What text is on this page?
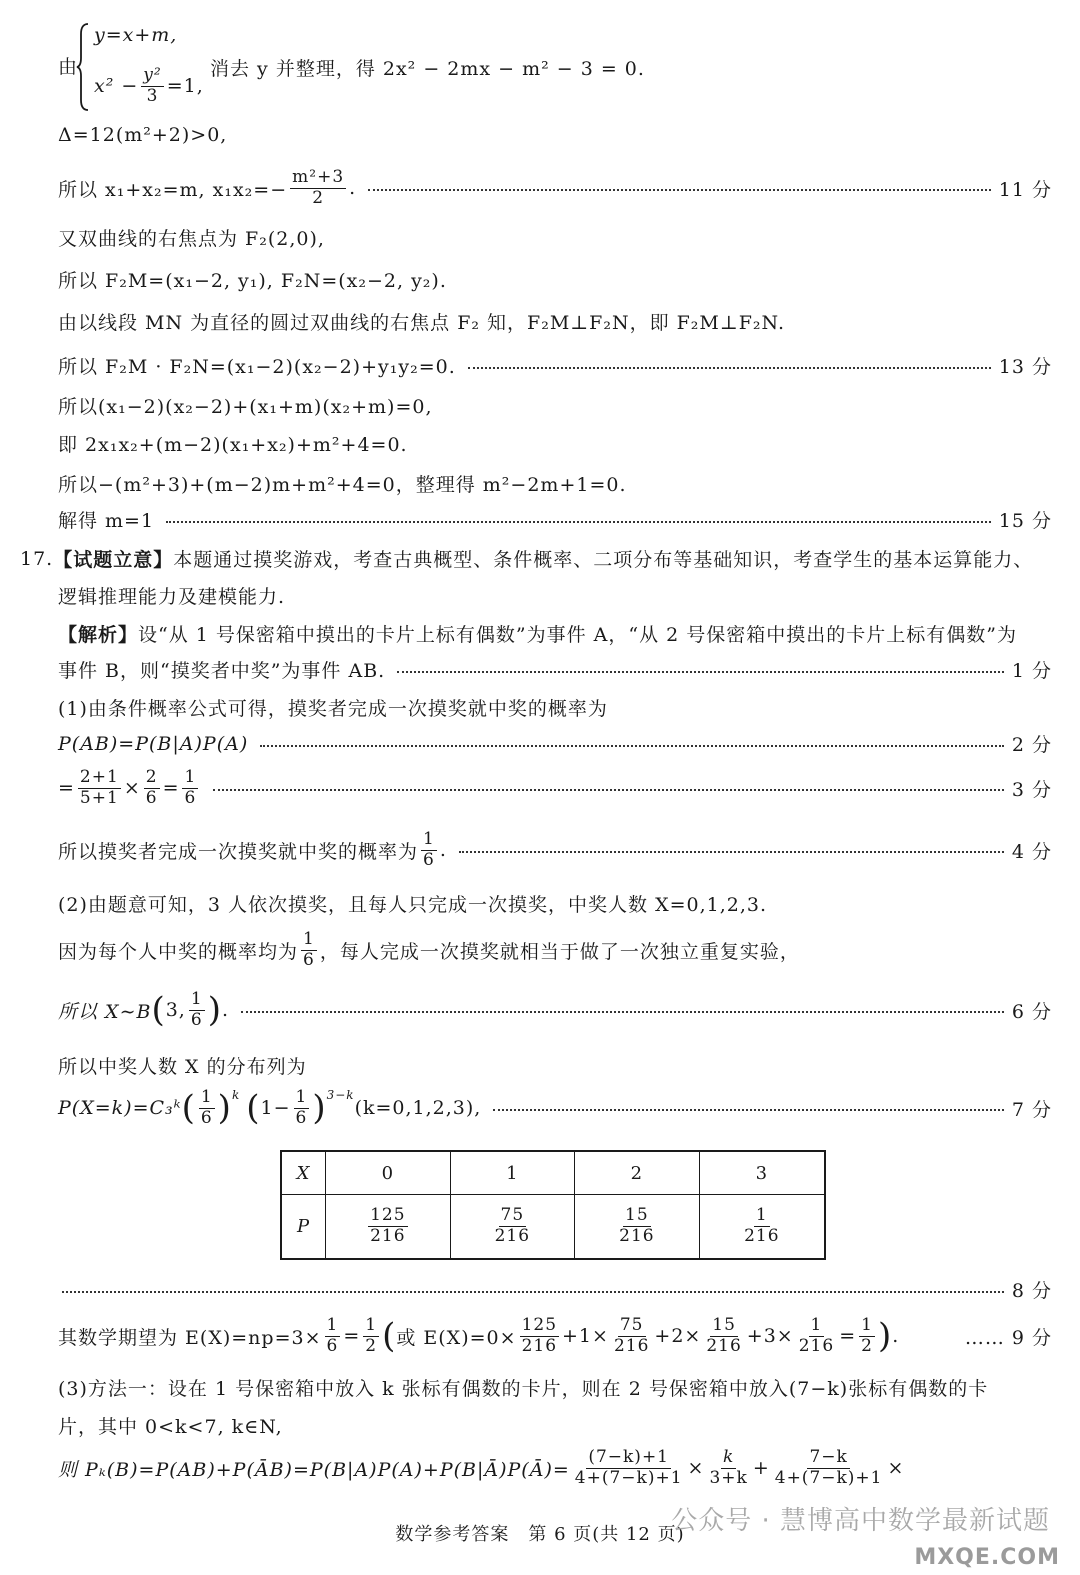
由
y=x+m,
$x^2 - \frac{\text{y²}}{3} =1$,
消去 y 并整理，得 2x² − 2mx − m² − 3 = 0.
Δ=12(m²+2)>0,
所以 x₁+x₂=m, $x_1x_2=- \frac{\text{m²+3}}{2}$ .	11 分
又双曲线的右焦点为 F₂(2,0),
所以 F₂M=(x₁−2, y₁), F₂N=(x₂−2, y₂).
由以线段 MN 为直径的圆过双曲线的右焦点 F₂ 知，F₂M⊥F₂N，即 F₂M⊥F₂N.
所以 F₂M · F₂N=(x₁−2)(x₂−2)+y₁y₂=0.	13 分
所以(x₁−2)(x₂−2)+(x₁+m)(x₂+m)=0,
即 2x₁x₂+(m−2)(x₁+x₂)+m²+4=0.
所以−(m²+3)+(m−2)m+m²+4=0，整理得 m²−2m+1=0.
解得 m=1	15 分
17. 【试题立意】 本题通过摸奖游戏，考查古典概型、条件概率、二项分布等基础知识，考查学生的基本运算能力、
逻辑推理能力及建模能力.
【解析】 设“从 1 号保密箱中摸出的卡片上标有偶数”为事件 A，“从 2 号保密箱中摸出的卡片上标有偶数”为
事件 B，则“摸奖者中奖”为事件 AB.	1 分
(1)由条件概率公式可得，摸奖者完成一次摸奖就中奖的概率为
P(AB)=P(B|A)P(A)	2 分
= $\frac{2+1}{5+1} \times \frac{2}{6} = \frac{1}{6}$	3 分
所以摸奖者完成一次摸奖就中奖的概率为 $\frac{1}{6}$ .	4 分
(2)由题意可知，3 人依次摸奖，且每人只完成一次摸奖，中奖人数 X=0,1,2,3.
因为每个人中奖的概率均为 $\frac{1}{6}$ ，每人完成一次摸奖就相当于做了一次独立重复实验，
所以 X∼B ( 3, $\frac{1}{6}$ ) .	6 分
所以中奖人数 X 的分布列为
P(X=k)=C₃ᵏ ( $\frac{1}{6} )^k$ ( $1- \frac{1}{6} )^{3-k}$
(k=0,1,2,3),	7 分
X	0	1	2	3
P	$\frac{125}{216}$	$\frac{75}{216}$	$\frac{15}{216}$	$\frac{1}{216}$
8 分
其数学期望为 $E(X)=np=3\times \frac{1}{6} = \frac{1}{2}$ ( 或 $E(X)=0\times \frac{125}{216} +1\times \frac{75}{216} +2\times \frac{15}{216} +3\times \frac{1}{216} = \frac{1}{2}$ ) .	…… 9 分
(3)方法一：设在 1 号保密箱中放入 k 张标有偶数的卡片，则在 2 号保密箱中放入(7−k)张标有偶数的卡
片，其中 0<k<7, k∈N,
则 Pₖ(B)=P(AB)+P(ĀB)=P(B|A)P(A)+P(B|Ā)P(Ā)= $\frac{(7-k)+1}{4+(7-k)+1} \times \frac{k}{3+k} + \frac{7-k}{4+(7-k)+1}$ ×
数学参考答案　第 6 页(共 12 页)
公众号 · 慧博高中数学最新试题
MXQE.COM
